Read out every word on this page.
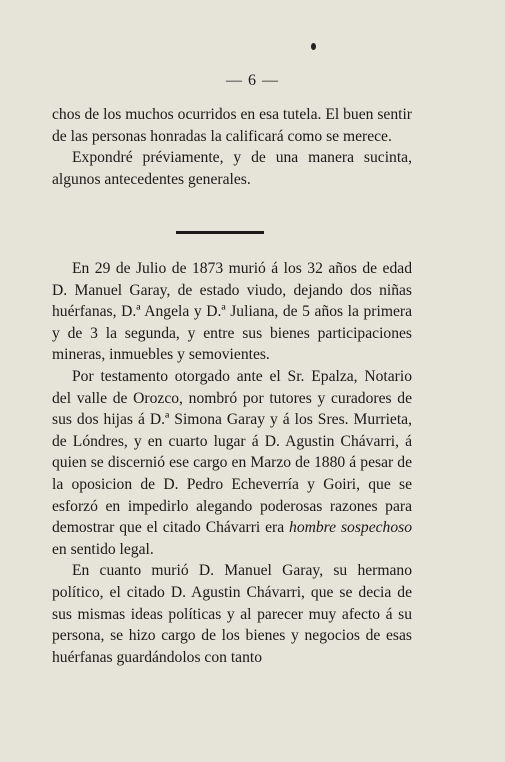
— 6 —

chos de los muchos ocurridos en esa tutela. El buen sentir de las personas honradas la calificará como se merece.

Expondré préviamente, y de una manera sucinta, algunos antecedentes generales.

En 29 de Julio de 1873 murió á los 32 años de edad D. Manuel Garay, de estado viudo, dejando dos niñas huérfanas, D.ª Angela y D.ª Juliana, de 5 años la primera y de 3 la segunda, y entre sus bienes participaciones mineras, inmuebles y semovientes.

Por testamento otorgado ante el Sr. Epalza, Notario del valle de Orozco, nombró por tutores y curadores de sus dos hijas á D.ª Simona Garay y á los Sres. Murrieta, de Lóndres, y en cuarto lugar á D. Agustin Chávarri, á quien se discernió ese cargo en Marzo de 1880 á pesar de la oposicion de D. Pedro Echeverría y Goiri, que se esforzó en impedirlo alegando poderosas razones para demostrar que el citado Chávarri era hombre sospechoso en sentido legal.

En cuanto murió D. Manuel Garay, su hermano político, el citado D. Agustin Chávarri, que se decia de sus mismas ideas políticas y al parecer muy afecto á su persona, se hizo cargo de los bienes y negocios de esas huérfanas guardándolos con tanto
